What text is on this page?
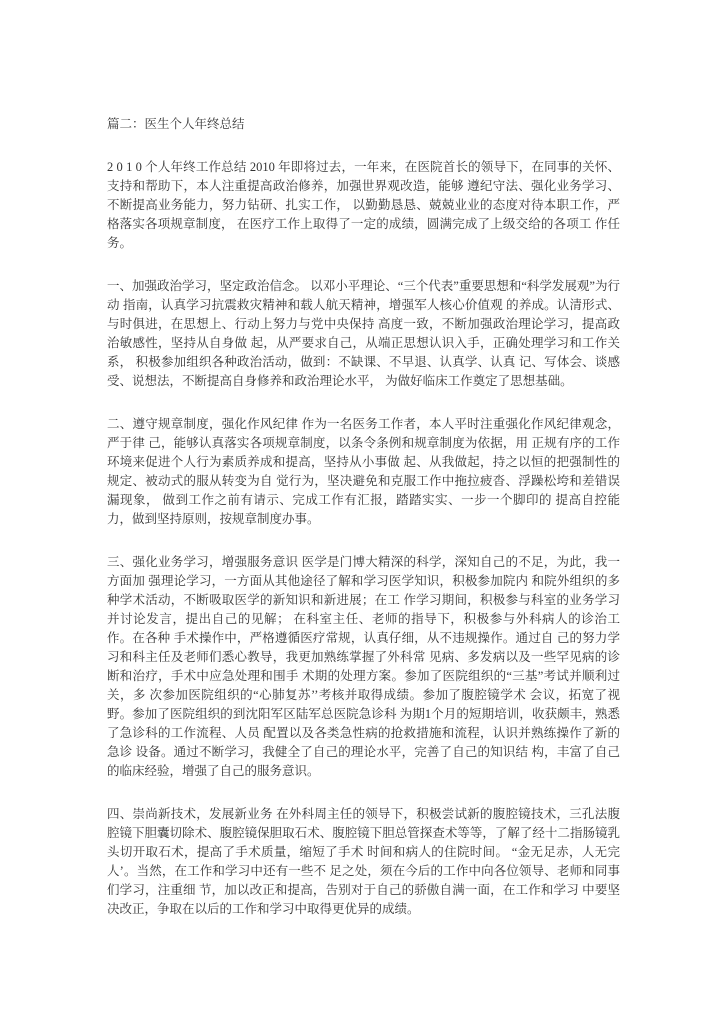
篇二：医生个人年终总结

2 0 1 0 个人年终工作总结 2010 年即将过去，一年来，在医院首长的领导下，在同事的关怀、支持和帮助下，本人注重提高政治修养，加强世界观改造，能够 遵纪守法、强化业务学习、不断提高业务能力，努力钻研、扎实工作， 以勤勤恳恳、兢兢业业的态度对待本职工作，严格落实各项规章制度， 在医疗工作上取得了一定的成绩，圆满完成了上级交给的各项工 作任务。

一、加强政治学习，坚定政治信念。 以邓小平理论、“三个代表”重要思想和“科学发展观”为行动 指南，认真学习抗震救灾精神和载人航天精神，增强军人核心价值观 的养成。认清形式、与时俱进，在思想上、行动上努力与党中央保持 高度一致，不断加强政治理论学习，提高政治敏感性，坚持从自身做 起，从严要求自己，从端正思想认识入手，正确处理学习和工作关系， 积极参加组织各种政治活动，做到：不缺课、不早退、认真学、认真 记、写体会、谈感受、说想法，不断提高自身修养和政治理论水平， 为做好临床工作奠定了思想基础。

二、遵守规章制度，强化作风纪律 作为一名医务工作者，本人平时注重强化作风纪律观念，严于律 己，能够认真落实各项规章制度，以条令条例和规章制度为依据，用 正规有序的工作环境来促进个人行为素质养成和提高，坚持从小事做 起、从我做起，持之以恒的把强制性的规定、被动式的服从转变为自 觉行为，坚决避免和克服工作中拖拉疲沓、浮躁松垮和差错误漏现象， 做到工作之前有请示、完成工作有汇报，踏踏实实、一步一个脚印的 提高自控能力，做到坚持原则，按规章制度办事。

三、强化业务学习，增强服务意识 医学是门博大精深的科学，深知自己的不足，为此，我一方面加 强理论学习，一方面从其他途径了解和学习医学知识，积极参加院内 和院外组织的多种学术活动，不断吸取医学的新知识和新进展；在工 作学习期间，积极参与科室的业务学习并讨论发言，提出自己的见解； 在科室主任、老师的指导下，积极参与外科病人的诊治工作。在各种 手术操作中，严格遵循医疗常规，认真仔细，从不违规操作。通过自 己的努力学习和科主任及老师们悉心教导，我更加熟练掌握了外科常 见病、多发病以及一些罕见病的诊断和治疗，手术中应急处理和围手 术期的处理方案。参加了医院组织的“三基”考试并顺利过关，多 次参加医院组织的“心肺复苏’’考核并取得成绩。参加了腹腔镜学术 会议，拓宽了视野。参加了医院组织的到沈阳军区陆军总医院急诊科 为期1个月的短期培训，收获颇丰，熟悉了急诊科的工作流程、人员 配置以及各类急性病的抢救措施和流程，认识并熟练操作了新的急诊 设备。通过不断学习，我健全了自己的理论水平，完善了自己的知识结 构，丰富了自己的临床经验，增强了自己的服务意识。

四、崇尚新技术，发展新业务 在外科周主任的领导下，积极尝试新的腹腔镜技术，三孔法腹腔镜下胆囊切除术、腹腔镜保胆取石术、腹腔镜下胆总管探查术等等，了解了经十二指肠镜乳头切开取石术，提高了手术质量，缩短了手术 时间和病人的住院时间。 “金无足赤，人无完人’。当然，在工作和学习中还有一些不 足之处，须在今后的工作中向各位领导、老师和同事们学习，注重细 节，加以改正和提高，告别对于自己的骄傲自满一面，在工作和学习 中要坚决改正，争取在以后的工作和学习中取得更优异的成绩。
